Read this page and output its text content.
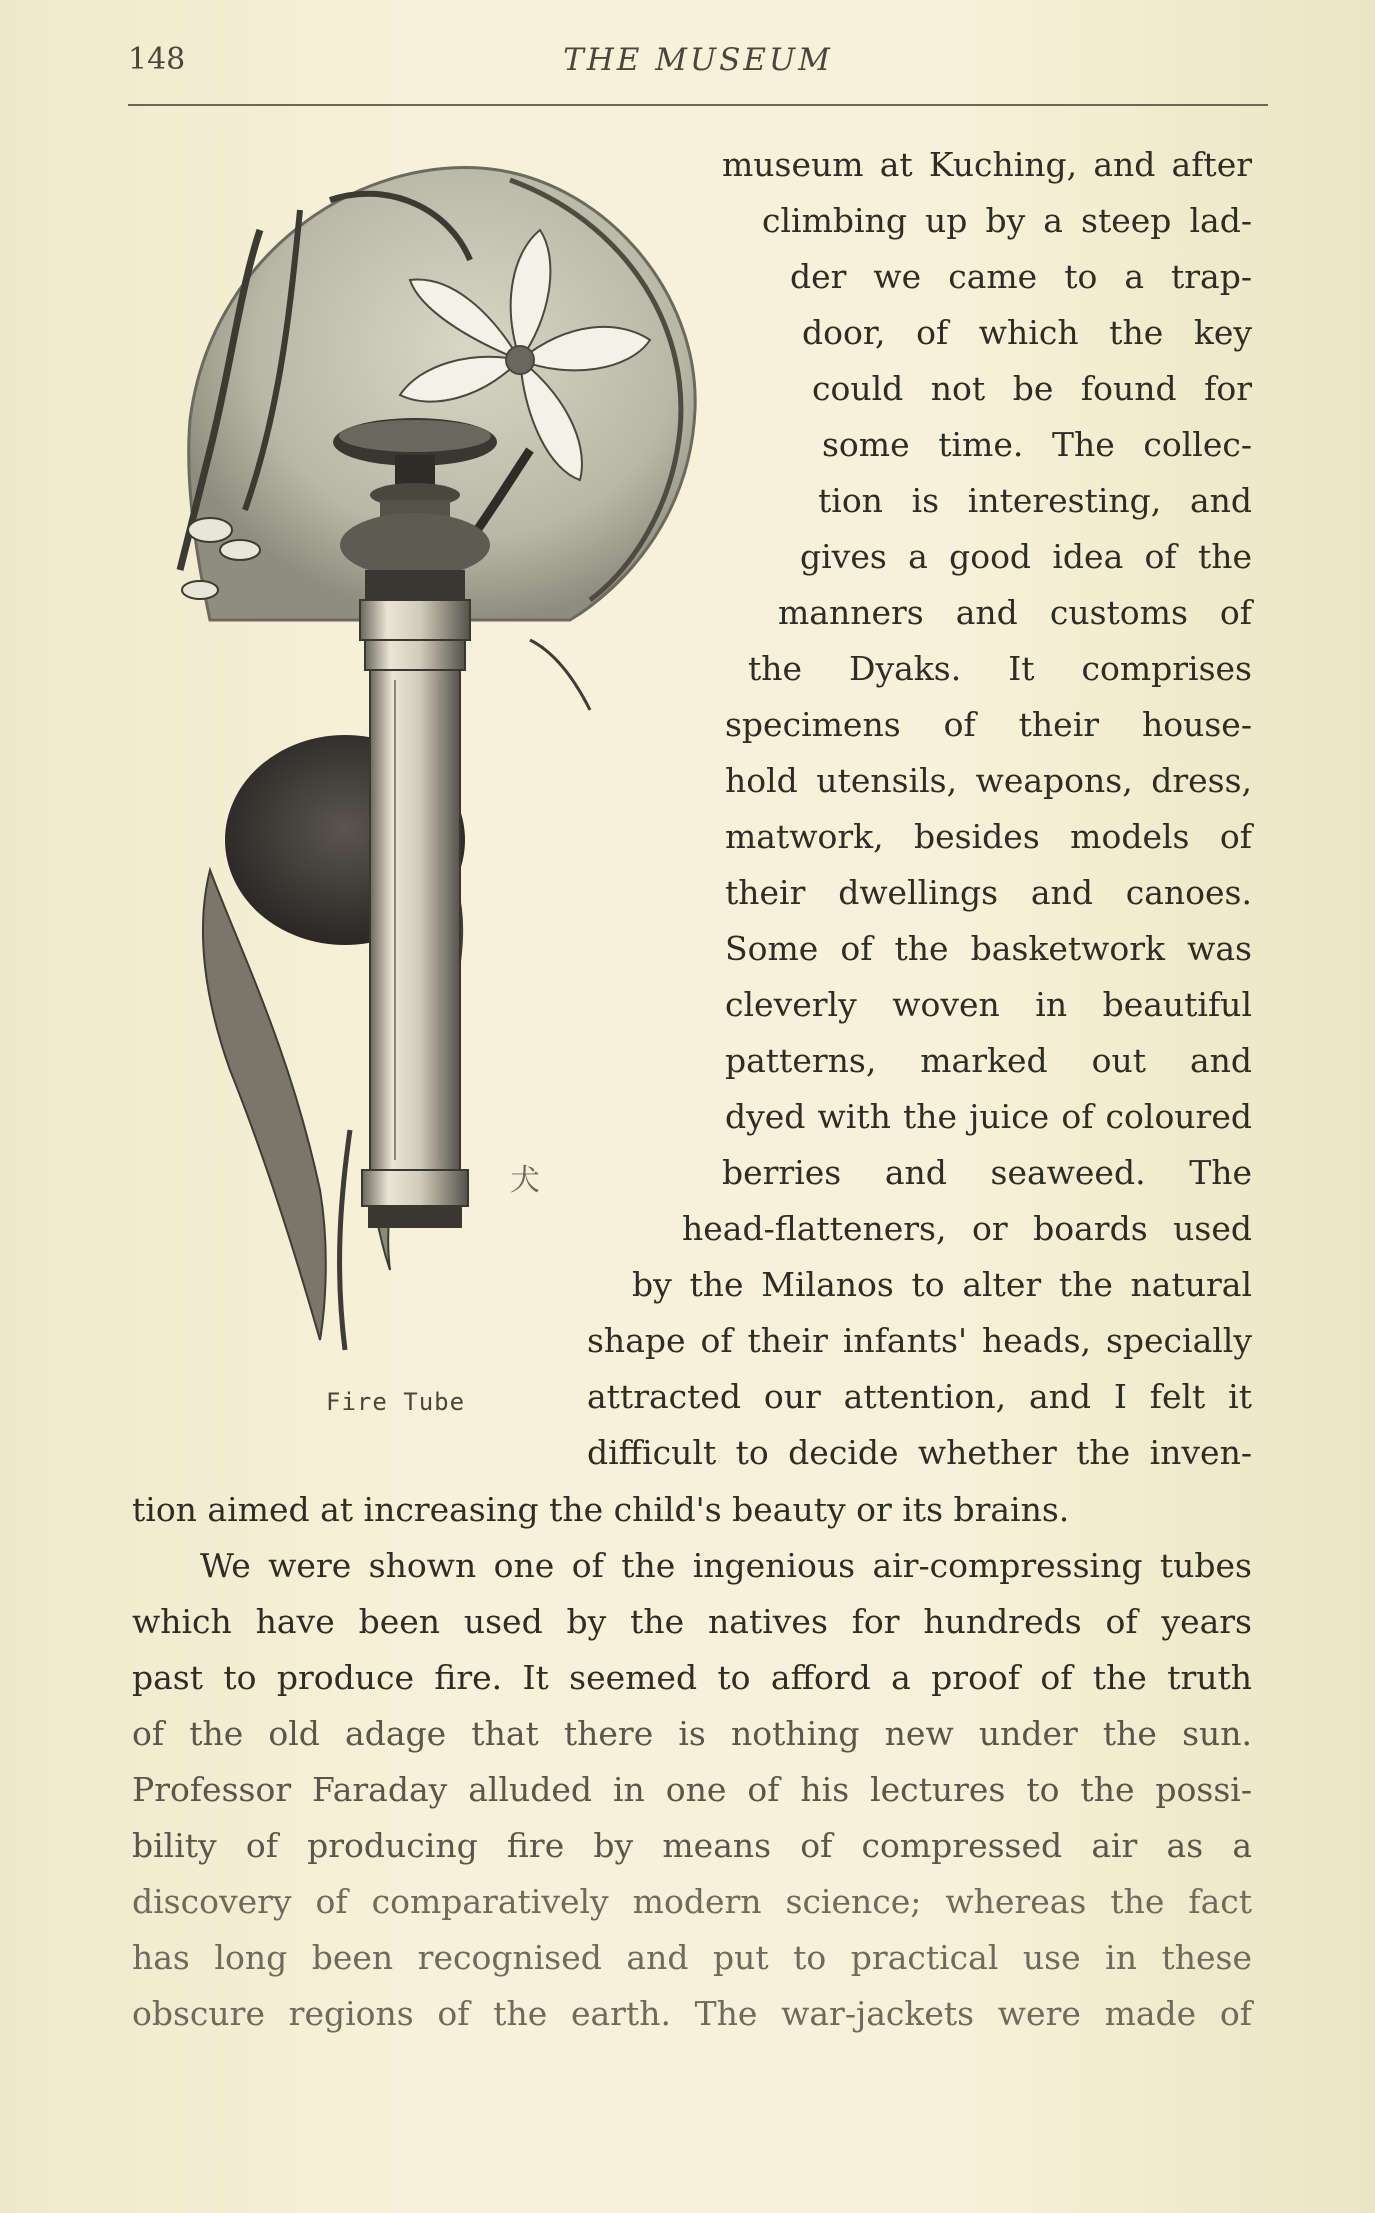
148	THE MUSEUM
犬
Fire Tube
museum at Kuching, and after
climbing up by a steep lad-
der we came to a trap-
door, of which the key
could not be found for
some time. The collec-
tion is interesting, and
gives a good idea of the
manners and customs of
the Dyaks. It comprises
specimens of their house-
hold utensils, weapons, dress,
matwork, besides models of
their dwellings and canoes.
Some of the basketwork was
cleverly woven in beautiful
patterns, marked out and
dyed with the juice of coloured
berries and seaweed. The
head-flatteners, or boards used
by the Milanos to alter the natural
shape of their infants' heads, specially
attracted our attention, and I felt it
difficult to decide whether the inven-
tion aimed at increasing the child's beauty or its brains.
We were shown one of the ingenious air-compressing tubes
which have been used by the natives for hundreds of years
past to produce fire. It seemed to afford a proof of the truth
of the old adage that there is nothing new under the sun.
Professor Faraday alluded in one of his lectures to the possi-
bility of producing fire by means of compressed air as a
discovery of comparatively modern science; whereas the fact
has long been recognised and put to practical use in these
obscure regions of the earth. The war-jackets were made of
